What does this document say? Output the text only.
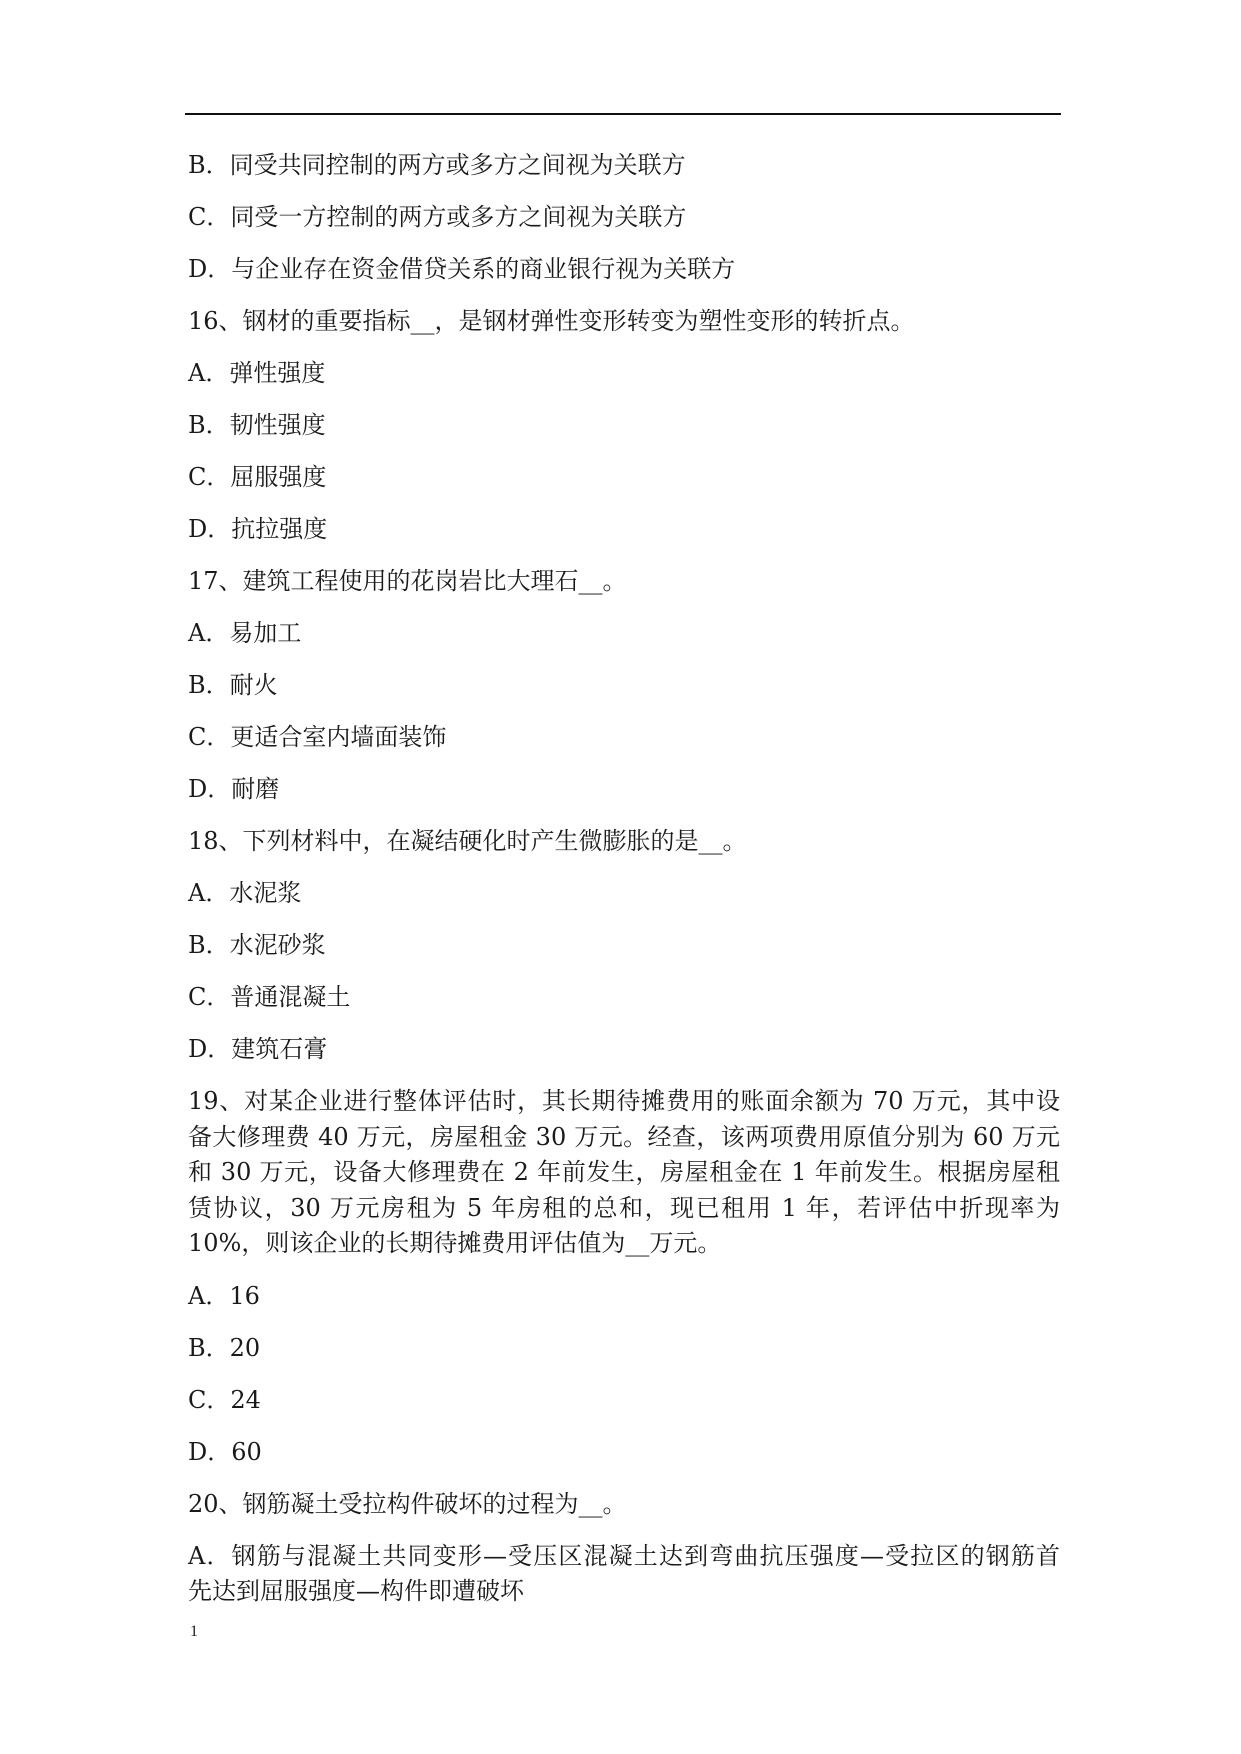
B．同受共同控制的两方或多方之间视为关联方
C．同受一方控制的两方或多方之间视为关联方
D．与企业存在资金借贷关系的商业银行视为关联方
16、钢材的重要指标__，是钢材弹性变形转变为塑性变形的转折点。
A．弹性强度
B．韧性强度
C．屈服强度
D．抗拉强度
17、建筑工程使用的花岗岩比大理石__。
A．易加工
B．耐火
C．更适合室内墙面装饰
D．耐磨
18、下列材料中，在凝结硬化时产生微膨胀的是__。
A．水泥浆
B．水泥砂浆
C．普通混凝土
D．建筑石膏
19、对某企业进行整体评估时，其长期待摊费用的账面余额为 70 万元，其中设
备大修理费 40 万元，房屋租金 30 万元。经查，该两项费用原值分别为 60 万元
和 30 万元，设备大修理费在 2 年前发生，房屋租金在 1 年前发生。根据房屋租
赁协议，30 万元房租为 5 年房租的总和，现已租用 1 年，若评估中折现率为
10%，则该企业的长期待摊费用评估值为__万元。
A．16
B．20
C．24
D．60
20、钢筋凝土受拉构件破坏的过程为__。
A．钢筋与混凝土共同变形—受压区混凝土达到弯曲抗压强度—受拉区的钢筋首
先达到屈服强度—构件即遭破坏
1
